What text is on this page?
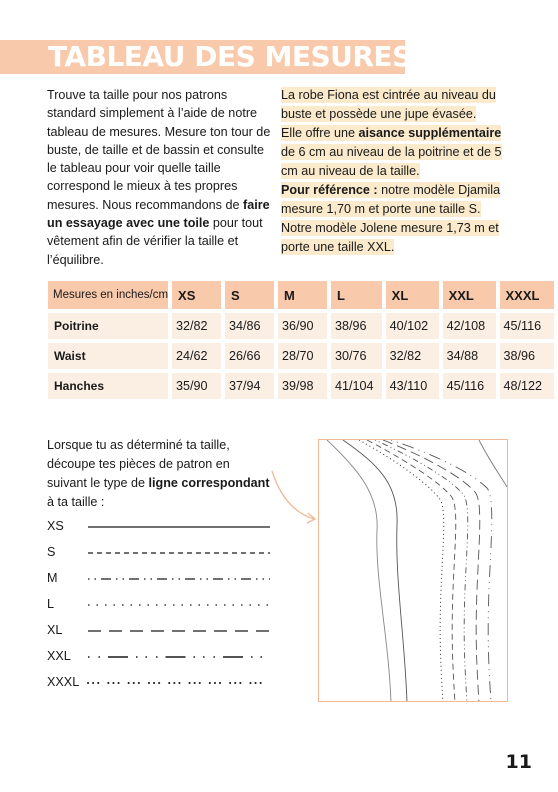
TABLEAU DES MESURES

Trouve ta taille pour nos patrons standard simplement à l’aide de notre tableau de mesures. Mesure ton tour de buste, de taille et de bassin et consulte le tableau pour voir quelle taille correspond le mieux à tes propres mesures. Nous recommandons de faire un essayage avec une toile pour tout vêtement afin de vérifier la taille et l’équilibre.

La robe Fiona est cintrée au niveau du buste et possède une jupe évasée.
Elle offre une aisance supplémentaire de 6 cm au niveau de la poitrine et de 5 cm au niveau de la taille.
Pour référence : notre modèle Djamila mesure 1,70 m et porte une taille S. Notre modèle Jolene mesure 1,73 m et porte une taille XXL.

Mesures en inches/cm	XS	S	M	L	XL	XXL	XXXL
Poitrine	32/82	34/86	36/90	38/96	40/102	42/108	45/116
Waist	24/62	26/66	28/70	30/76	32/82	34/88	38/96
Hanches	35/90	37/94	39/98	41/104	43/110	45/116	48/122

Lorsque tu as déterminé ta taille, découpe tes pièces de patron en suivant le type de ligne correspondant à ta taille :

XS
S
M
L
XL
XXL
XXXL

11
